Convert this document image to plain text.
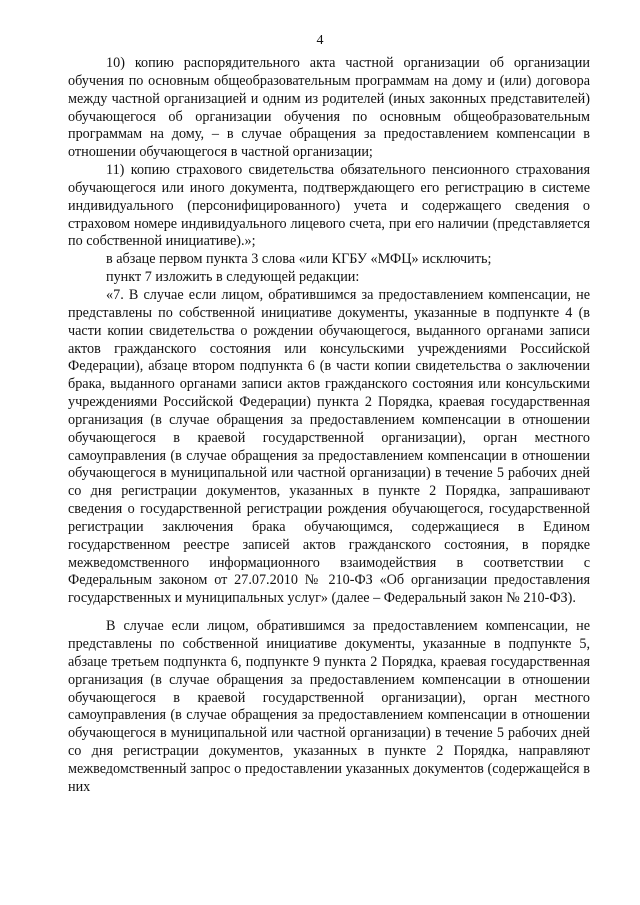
4

10) копию распорядительного акта частной организации об организации обучения по основным общеобразовательным программам на дому и (или) договора между частной организацией и одним из родителей (иных законных представителей) обучающегося об организации обучения по основным общеобразовательным программам на дому, – в случае обращения за предоставлением компенсации в отношении обучающегося в частной организации;

11) копию страхового свидетельства обязательного пенсионного страхования обучающегося или иного документа, подтверждающего его регистрацию в системе индивидуального (персонифицированного) учета и содержащего сведения о страховом номере индивидуального лицевого счета, при его наличии (представляется по собственной инициативе).»;

в абзаце первом пункта 3 слова «или КГБУ «МФЦ» исключить;

пункт 7 изложить в следующей редакции:

«7. В случае если лицом, обратившимся за предоставлением компенсации, не представлены по собственной инициативе документы, указанные в подпункте 4 (в части копии свидетельства о рождении обучающегося, выданного органами записи актов гражданского состояния или консульскими учреждениями Российской Федерации), абзаце втором подпункта 6 (в части копии свидетельства о заключении брака, выданного органами записи актов гражданского состояния или консульскими учреждениями Российской Федерации) пункта 2 Порядка, краевая государственная организация (в случае обращения за предоставлением компенсации в отношении обучающегося в краевой государственной организации), орган местного самоуправления (в случае обращения за предоставлением компенсации в отношении обучающегося в муниципальной или частной организации) в течение 5 рабочих дней со дня регистрации документов, указанных в пункте 2 Порядка, запрашивают сведения о государственной регистрации рождения обучающегося, государственной регистрации заключения брака обучающимся, содержащиеся в Едином государственном реестре записей актов гражданского состояния, в порядке межведомственного информационного взаимодействия в соответствии с Федеральным законом от 27.07.2010 № 210-ФЗ «Об организации предоставления государственных и муниципальных услуг» (далее – Федеральный закон № 210-ФЗ).

В случае если лицом, обратившимся за предоставлением компенсации, не представлены по собственной инициативе документы, указанные в подпункте 5, абзаце третьем подпункта 6, подпункте 9 пункта 2 Порядка, краевая государственная организация (в случае обращения за предоставлением компенсации в отношении обучающегося в краевой государственной организации), орган местного самоуправления (в случае обращения за предоставлением компенсации в отношении обучающегося в муниципальной или частной организации) в течение 5 рабочих дней со дня регистрации документов, указанных в пункте 2 Порядка, направляют межведомственный запрос о предоставлении указанных документов (содержащейся в них
